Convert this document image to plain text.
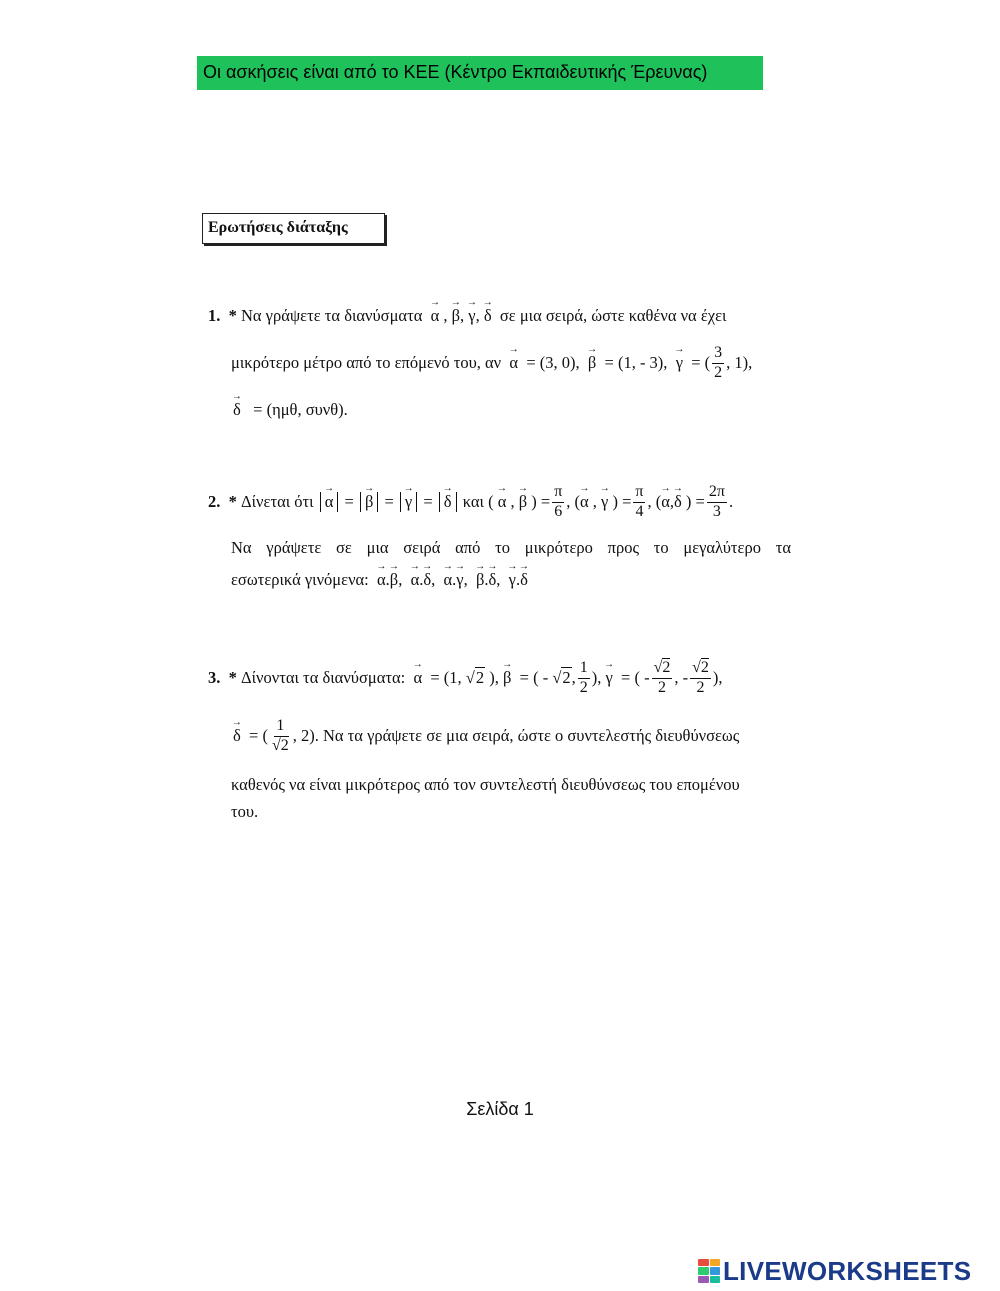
Οι ασκήσεις είναι από το ΚΕΕ (Κέντρο Εκπαιδευτικής Έρευνας)
Ερωτήσεις διάταξης
1. * Να γράψετε τα διανύσματα → α , → β, → γ, → δ σε μια σειρά, ώστε καθένα να έχει
μικρότερο μέτρο από το επόμενό του, αν
→ α
= (3, 0),
→ β
= (1, - 3),
→ γ
= ( $\frac{3}{2}$ , 1),
→ δ = (ημθ, συνθ).
2.
*
Δίνεται ότι
→ α
=
→ β
=
→ γ
=
→ δ
και (
→ α
,
→ β
) = $\frac{\pi}{6}$ , ( → α
,
→ γ
) = $\frac{\pi}{4}$ , ( → α , → δ
) = $\frac{2\pi}{3}$ .
Να γράψετε σε μια σειρά από το μικρότερο προς το μεγαλύτερο τα
εσωτερικά γινόμενα: → α.→ β, → α.→ δ, → α.→ γ, → β.→ δ, → γ.→ δ
3.
*
Δίνονται τα διανύσματα:
→ α
= (1,
√2
),
→ β
= ( -
√2 , $\frac{1}{2}$ ),
→ γ
= ( - $\frac{√2}{2}$ , - $\frac{√2}{2}$ ),
→ δ
= ( $\frac{1}{√2}$ , 2). Να τα γράψετε σε μια σειρά, ώστε ο συντελεστής διευθύνσεως
καθενός να είναι μικρότερος από τον συντελεστή διευθύνσεως του επομένου
του.
Σελίδα 1
LIVEWORKSHEETS
